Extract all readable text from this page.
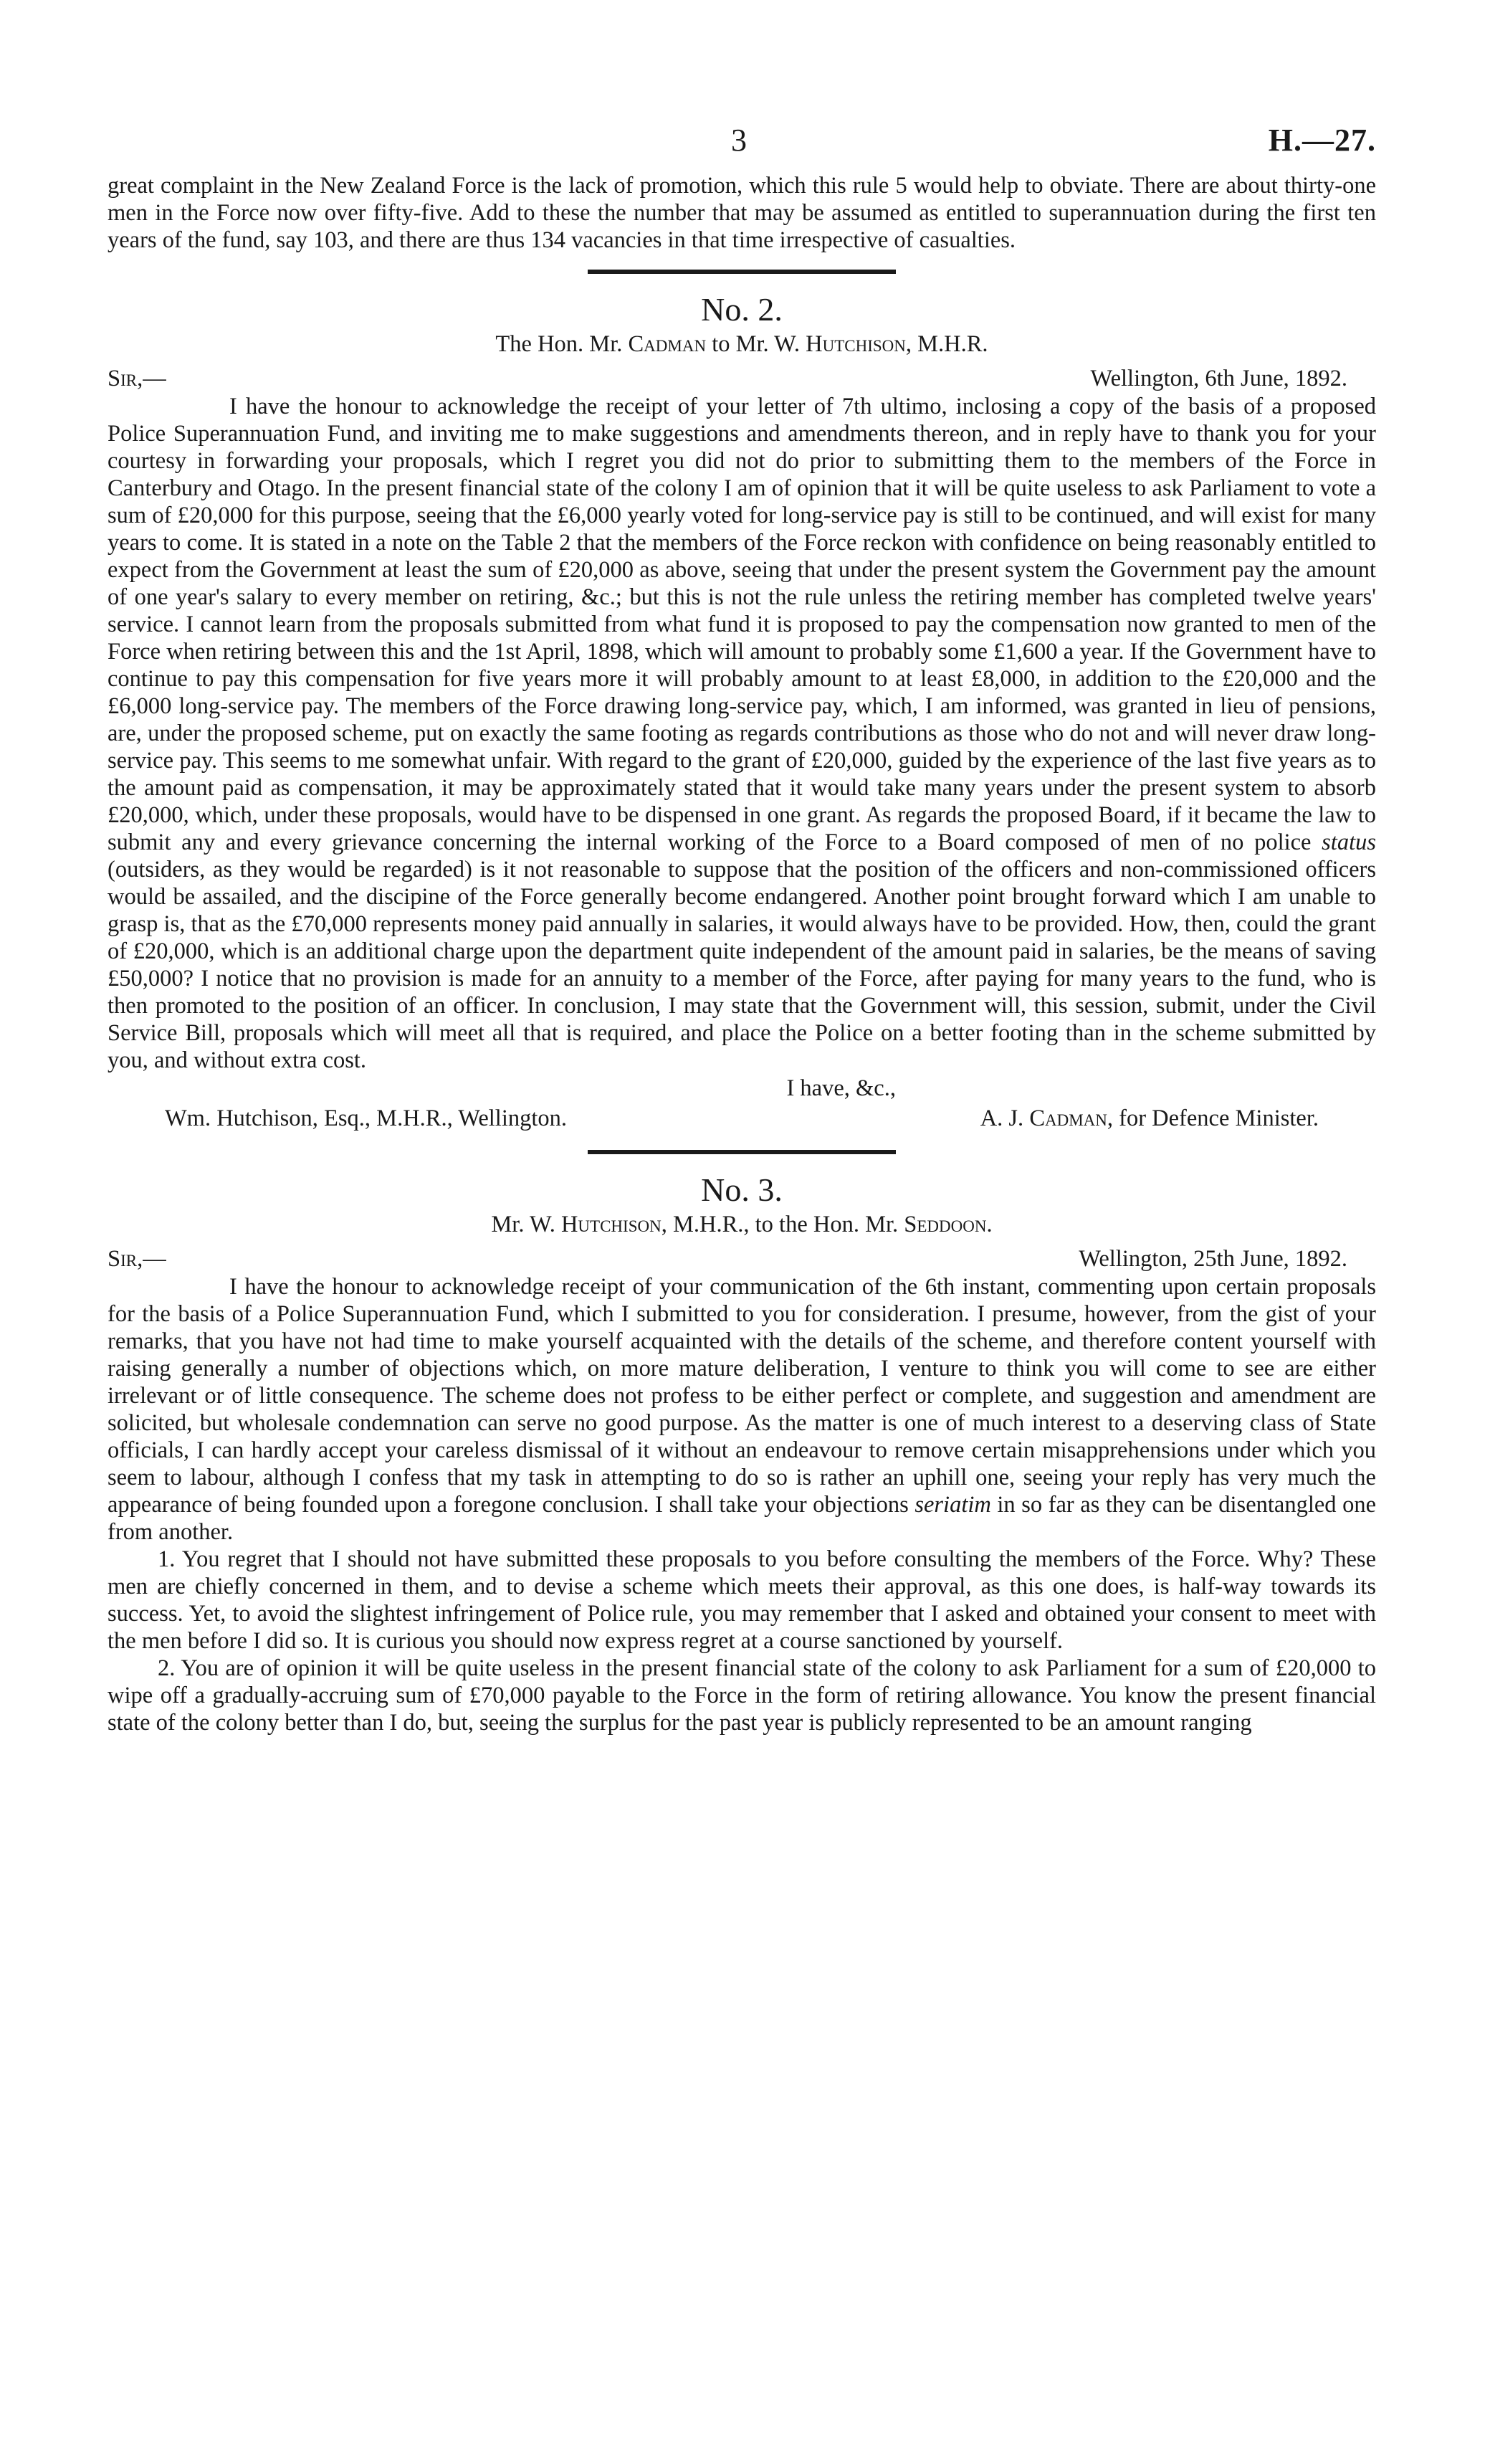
3	H.—27.

great complaint in the New Zealand Force is the lack of promotion, which this rule 5 would help to obviate. There are about thirty-one men in the Force now over fifty-five. Add to these the number that may be assumed as entitled to superannuation during the first ten years of the fund, say 103, and there are thus 134 vacancies in that time irrespective of casualties.

No. 2.
The Hon. Mr. Cadman to Mr. W. Hutchison, M.H.R.
Sir,—	Wellington, 6th June, 1892.

I have the honour to acknowledge the receipt of your letter of 7th ultimo, inclosing a copy of the basis of a proposed Police Superannuation Fund, and inviting me to make suggestions and amendments thereon, and in reply have to thank you for your courtesy in forwarding your proposals, which I regret you did not do prior to submitting them to the members of the Force in Canterbury and Otago. In the present financial state of the colony I am of opinion that it will be quite useless to ask Parliament to vote a sum of £20,000 for this purpose, seeing that the £6,000 yearly voted for long-service pay is still to be continued, and will exist for many years to come. It is stated in a note on the Table 2 that the members of the Force reckon with confidence on being reasonably entitled to expect from the Government at least the sum of £20,000 as above, seeing that under the present system the Government pay the amount of one year's salary to every member on retiring, &c.; but this is not the rule unless the retiring member has completed twelve years' service. I cannot learn from the proposals submitted from what fund it is proposed to pay the compensation now granted to men of the Force when retiring between this and the 1st April, 1898, which will amount to probably some £1,600 a year. If the Government have to continue to pay this compensation for five years more it will probably amount to at least £8,000, in addition to the £20,000 and the £6,000 long-service pay. The members of the Force drawing long-service pay, which, I am informed, was granted in lieu of pensions, are, under the proposed scheme, put on exactly the same footing as regards contributions as those who do not and will never draw long-service pay. This seems to me somewhat unfair. With regard to the grant of £20,000, guided by the experience of the last five years as to the amount paid as compensation, it may be approximately stated that it would take many years under the present system to absorb £20,000, which, under these proposals, would have to be dispensed in one grant. As regards the proposed Board, if it became the law to submit any and every grievance concerning the internal working of the Force to a Board composed of men of no police status (outsiders, as they would be regarded) is it not reasonable to suppose that the position of the officers and non-commissioned officers would be assailed, and the discipine of the Force generally become endangered. Another point brought forward which I am unable to grasp is, that as the £70,000 represents money paid annually in salaries, it would always have to be provided. How, then, could the grant of £20,000, which is an additional charge upon the department quite independent of the amount paid in salaries, be the means of saving £50,000? I notice that no provision is made for an annuity to a member of the Force, after paying for many years to the fund, who is then promoted to the position of an officer. In conclusion, I may state that the Government will, this session, submit, under the Civil Service Bill, proposals which will meet all that is required, and place the Police on a better footing than in the scheme submitted by you, and without extra cost.

I have, &c.,
Wm. Hutchison, Esq., M.H.R., Wellington.	A. J. Cadman, for Defence Minister.
No. 3.
Mr. W. Hutchison, M.H.R., to the Hon. Mr. Seddoon.
Sir,—	Wellington, 25th June, 1892.

I have the honour to acknowledge receipt of your communication of the 6th instant, commenting upon certain proposals for the basis of a Police Superannuation Fund, which I submitted to you for consideration. I presume, however, from the gist of your remarks, that you have not had time to make yourself acquainted with the details of the scheme, and therefore content yourself with raising generally a number of objections which, on more mature deliberation, I venture to think you will come to see are either irrelevant or of little consequence. The scheme does not profess to be either perfect or complete, and suggestion and amendment are solicited, but wholesale condemnation can serve no good purpose. As the matter is one of much interest to a deserving class of State officials, I can hardly accept your careless dismissal of it without an endeavour to remove certain misapprehensions under which you seem to labour, although I confess that my task in attempting to do so is rather an uphill one, seeing your reply has very much the appearance of being founded upon a foregone conclusion. I shall take your objections seriatim in so far as they can be disentangled one from another.

1. You regret that I should not have submitted these proposals to you before consulting the members of the Force. Why? These men are chiefly concerned in them, and to devise a scheme which meets their approval, as this one does, is half-way towards its success. Yet, to avoid the slightest infringement of Police rule, you may remember that I asked and obtained your consent to meet with the men before I did so. It is curious you should now express regret at a course sanctioned by yourself.

2. You are of opinion it will be quite useless in the present financial state of the colony to ask Parliament for a sum of £20,000 to wipe off a gradually-accruing sum of £70,000 payable to the Force in the form of retiring allowance. You know the present financial state of the colony better than I do, but, seeing the surplus for the past year is publicly represented to be an amount ranging
